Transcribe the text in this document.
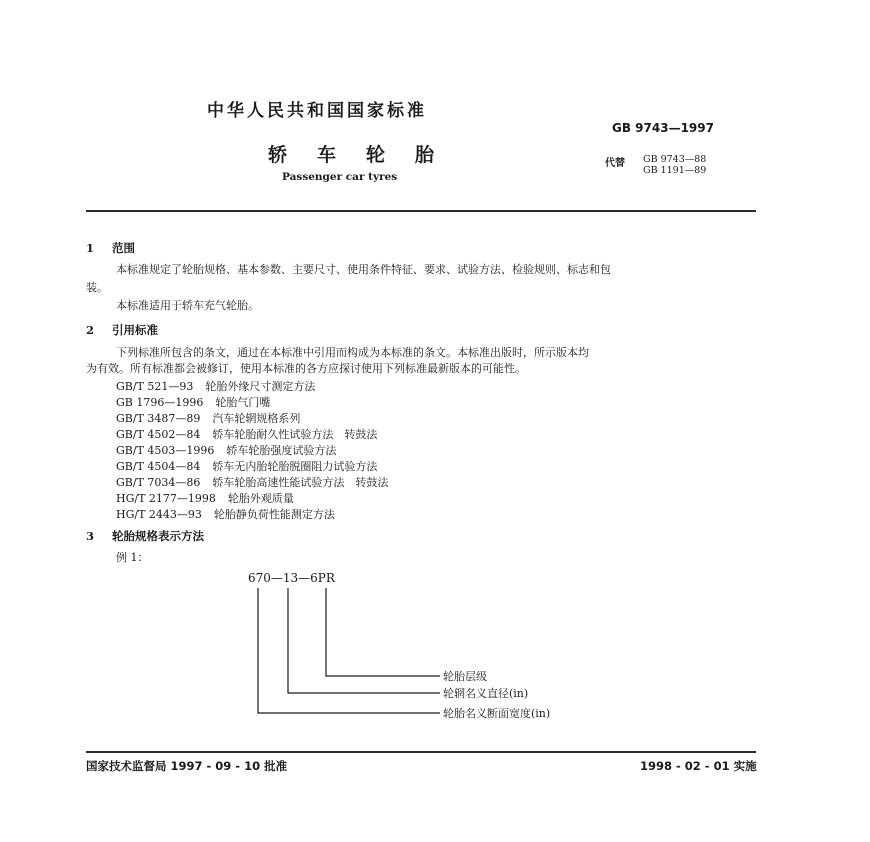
中华人民共和国国家标准
GB 9743—1997
轿车轮胎
Passenger car tyres
代替 GB 9743—88
GB 1191—89
1 范围
本标准规定了轮胎规格、基本参数、主要尺寸、使用条件特征、要求、试验方法、检验规则、标志和包
装。
本标准适用于轿车充气轮胎。
2 引用标准
下列标准所包含的条文，通过在本标准中引用而构成为本标准的条文。本标准出版时，所示版本均
为有效。所有标准都会被修订，使用本标准的各方应探讨使用下列标准最新版本的可能性。
GB/T 521—93 轮胎外缘尺寸测定方法
GB 1796—1996 轮胎气门嘴
GB/T 3487—89 汽车轮辋规格系列
GB/T 4502—84 轿车轮胎耐久性试验方法　转鼓法
GB/T 4503—1996 轿车轮胎强度试验方法
GB/T 4504—84 轿车无内胎轮胎脱圈阻力试验方法
GB/T 7034—86 轿车轮胎高速性能试验方法　转鼓法
HG/T 2177—1998 轮胎外观质量
HG/T 2443—93 轮胎静负荷性能测定方法
3 轮胎规格表示方法
例 1：
670—13—6PR
轮胎层级
轮辋名义直径(in)
轮胎名义断面宽度(in)
国家技术监督局 1997 - 09 - 10 批准	1998 - 02 - 01 实施
